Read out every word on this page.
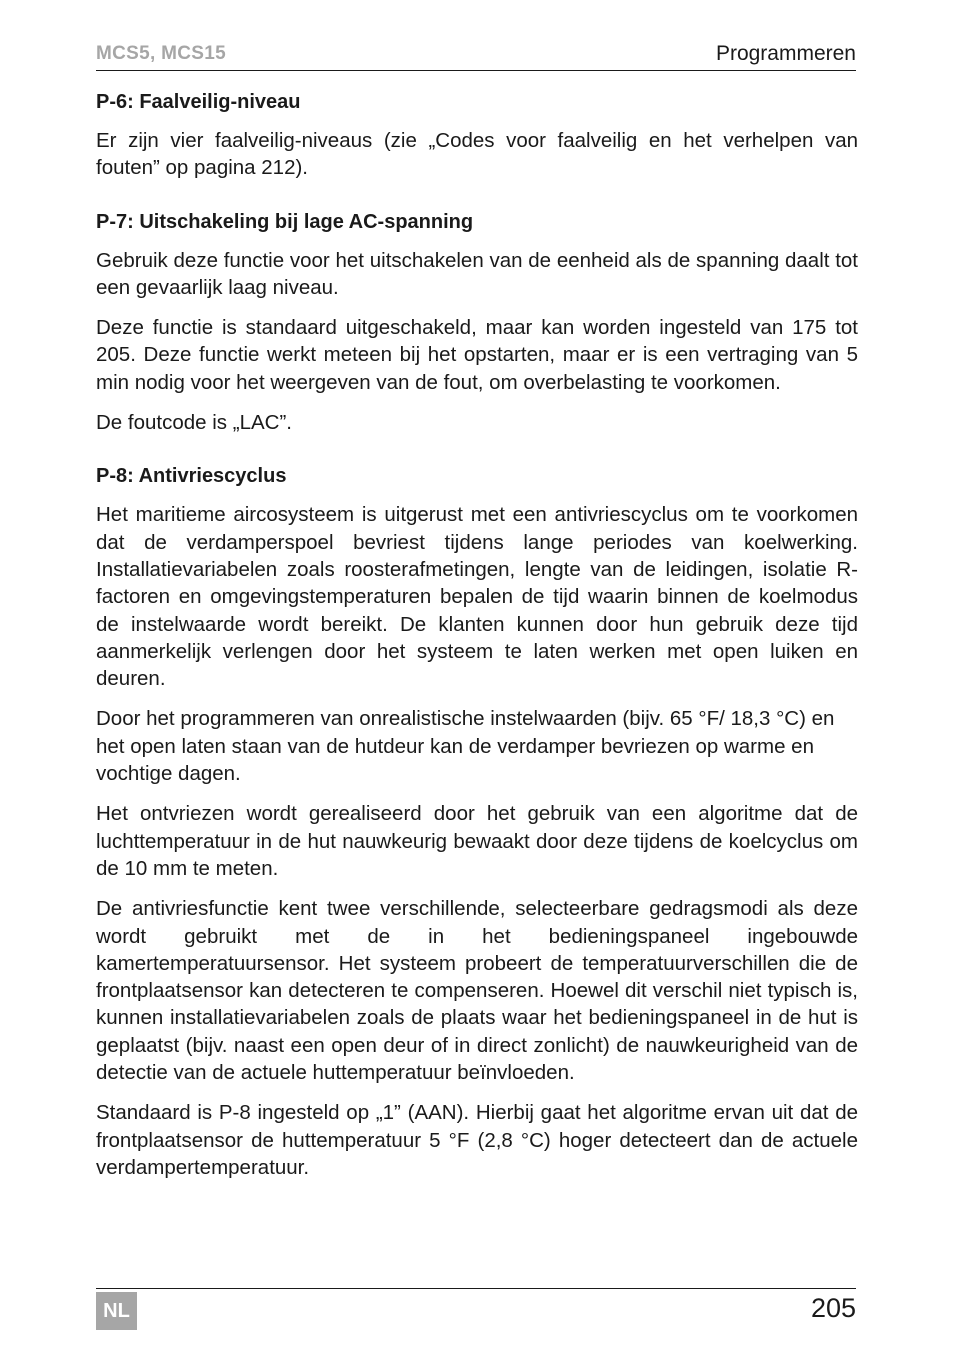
MCS5, MCS15	Programmeren
P-6: Faalveilig-niveau

Er zijn vier faalveilig-niveaus (zie „Codes voor faalveilig en het verhelpen van fouten” op pagina 212).

P-7: Uitschakeling bij lage AC-spanning

Gebruik deze functie voor het uitschakelen van de eenheid als de spanning daalt tot een gevaarlijk laag niveau.

Deze functie is standaard uitgeschakeld, maar kan worden ingesteld van 175 tot 205. Deze functie werkt meteen bij het opstarten, maar er is een vertraging van 5 min nodig voor het weergeven van de fout, om overbelasting te voorkomen.

De foutcode is „LAC”.

P-8: Antivriescyclus

Het maritieme aircosysteem is uitgerust met een antivriescyclus om te voorkomen dat de verdamperspoel bevriest tijdens lange periodes van koelwerking. Installatievariabelen zoals roosterafmetingen, lengte van de leidingen, isolatie R-factoren en omgevingstemperaturen bepalen de tijd waarin binnen de koelmodus de instelwaarde wordt bereikt. De klanten kunnen door hun gebruik deze tijd aanmerkelijk verlengen door het systeem te laten werken met open luiken en deuren.

Door het programmeren van onrealistische instelwaarden (bijv. 65 °F/ 18,3 °C) en het open laten staan van de hutdeur kan de verdamper bevriezen op warme en vochtige dagen.

Het ontvriezen wordt gerealiseerd door het gebruik van een algoritme dat de luchttemperatuur in de hut nauwkeurig bewaakt door deze tijdens de koelcyclus om de 10 mm te meten.

De antivriesfunctie kent twee verschillende, selecteerbare gedragsmodi als deze wordt gebruikt met de in het bedieningspaneel ingebouwde kamertemperatuursensor. Het systeem probeert de temperatuurverschillen die de frontplaatsensor kan detecteren te compenseren. Hoewel dit verschil niet typisch is, kunnen installatievariabelen zoals de plaats waar het bedieningspaneel in de hut is geplaatst (bijv. naast een open deur of in direct zonlicht) de nauwkeurigheid van de detectie van de actuele huttemperatuur beïnvloeden.

Standaard is P-8 ingesteld op „1” (AAN). Hierbij gaat het algoritme ervan uit dat de frontplaatsensor de huttemperatuur 5 °F (2,8 °C) hoger detecteert dan de actuele verdampertemperatuur.

NL	205
